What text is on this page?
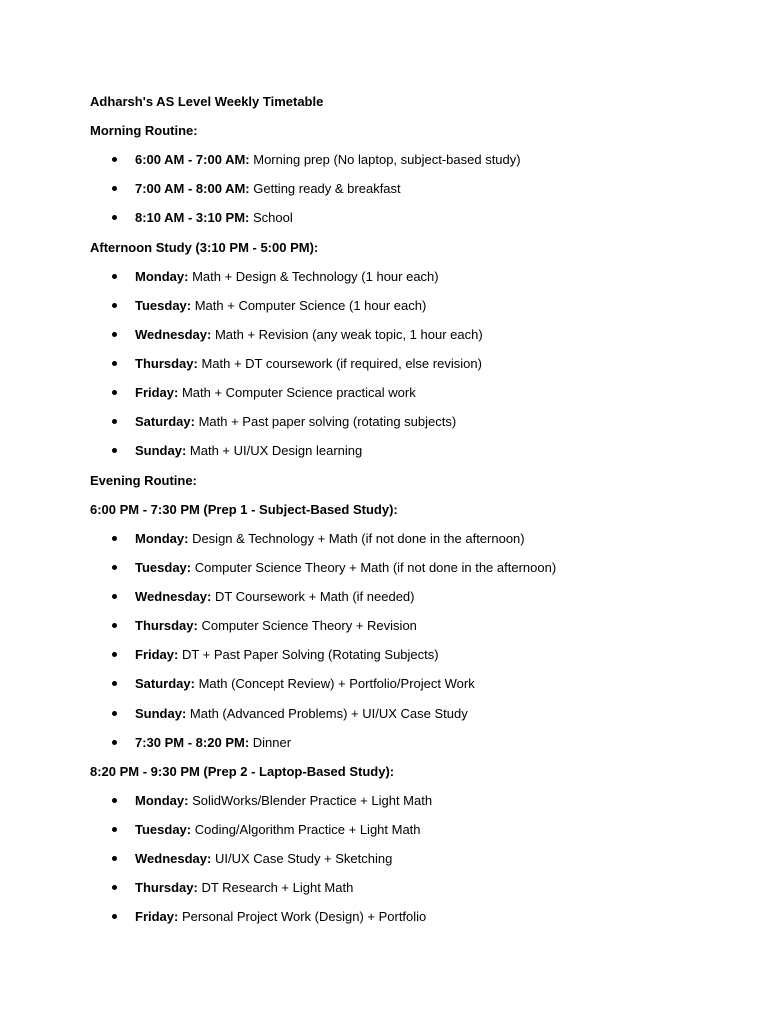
Adharsh's AS Level Weekly Timetable
Morning Routine:
6:00 AM - 7:00 AM: Morning prep (No laptop, subject-based study)
7:00 AM - 8:00 AM: Getting ready & breakfast
8:10 AM - 3:10 PM: School
Afternoon Study (3:10 PM - 5:00 PM):
Monday: Math + Design & Technology (1 hour each)
Tuesday: Math + Computer Science (1 hour each)
Wednesday: Math + Revision (any weak topic, 1 hour each)
Thursday: Math + DT coursework (if required, else revision)
Friday: Math + Computer Science practical work
Saturday: Math + Past paper solving (rotating subjects)
Sunday: Math + UI/UX Design learning
Evening Routine:
6:00 PM - 7:30 PM (Prep 1 - Subject-Based Study):
Monday: Design & Technology + Math (if not done in the afternoon)
Tuesday: Computer Science Theory + Math (if not done in the afternoon)
Wednesday: DT Coursework + Math (if needed)
Thursday: Computer Science Theory + Revision
Friday: DT + Past Paper Solving (Rotating Subjects)
Saturday: Math (Concept Review) + Portfolio/Project Work
Sunday: Math (Advanced Problems) + UI/UX Case Study
7:30 PM - 8:20 PM: Dinner
8:20 PM - 9:30 PM (Prep 2 - Laptop-Based Study):
Monday: SolidWorks/Blender Practice + Light Math
Tuesday: Coding/Algorithm Practice + Light Math
Wednesday: UI/UX Case Study + Sketching
Thursday: DT Research + Light Math
Friday: Personal Project Work (Design) + Portfolio
